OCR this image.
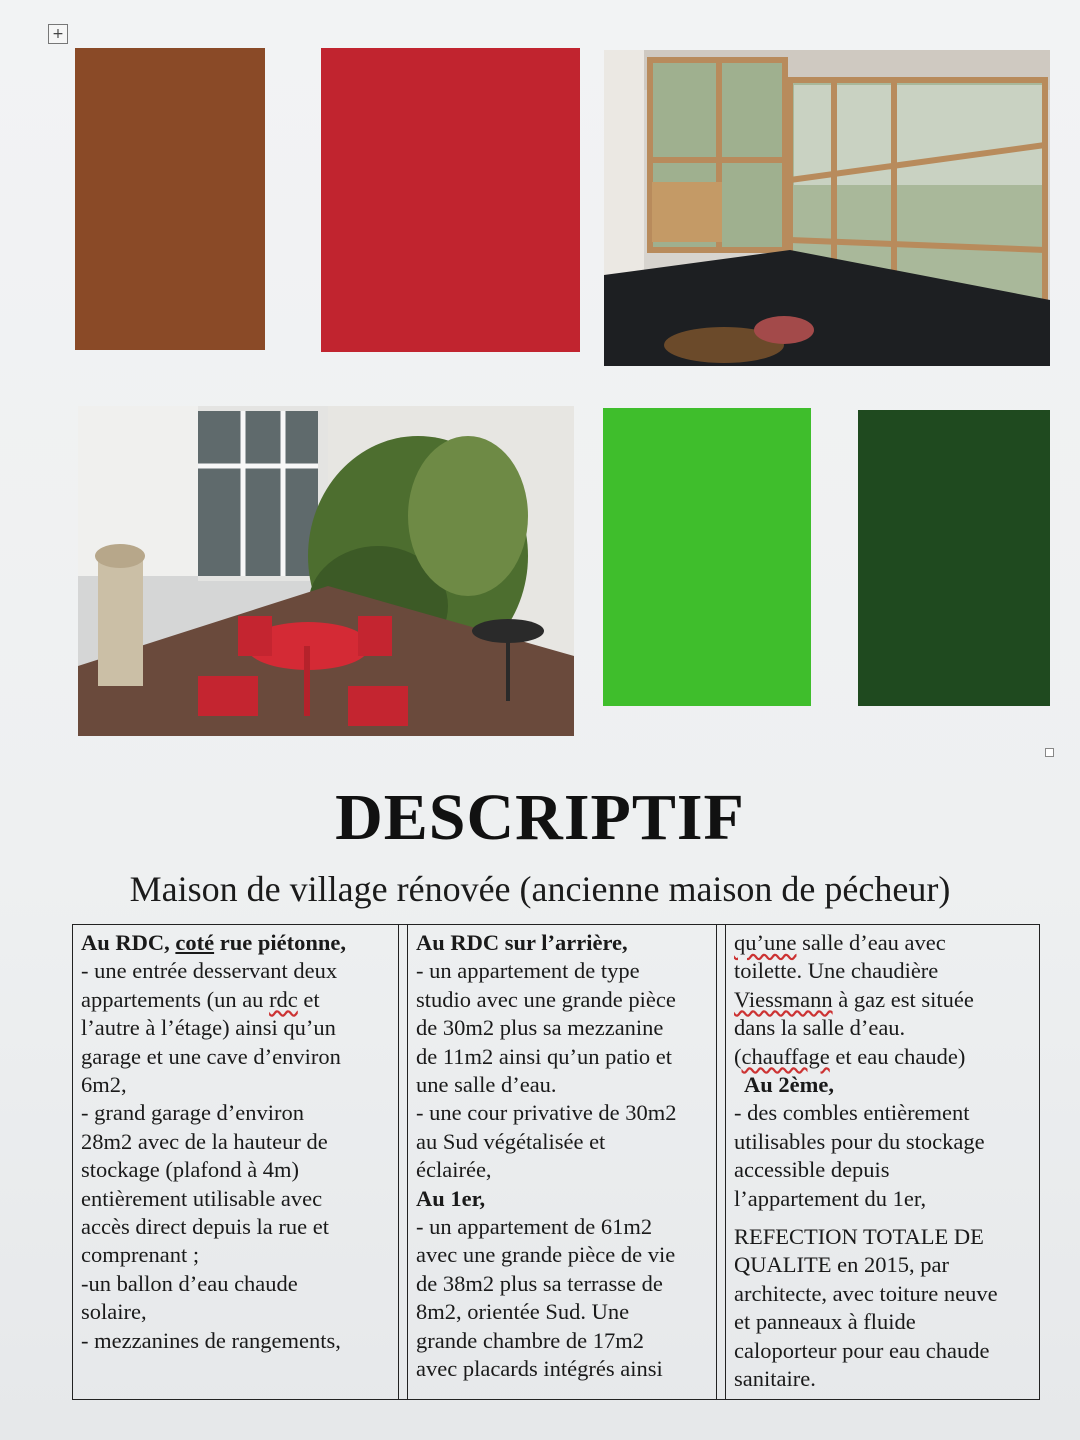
+
DESCRIPTIF
Maison de village rénovée (ancienne maison de pécheur)

Au RDC, coté rue piétonne,

- une entrée desservant deux

appartements (un au rdc et

l’autre à l’étage) ainsi qu’un

garage et une cave d’environ

6m2,

- grand garage d’environ

28m2 avec de la hauteur de

stockage (plafond à 4m)

entièrement utilisable avec

accès direct depuis la rue et

comprenant ;

-un ballon d’eau chaude

solaire,

- mezzanines de rangements,

Au RDC sur l’arrière,

- un appartement de type

studio avec une grande pièce

de 30m2 plus sa mezzanine

de 11m2 ainsi qu’un patio et

une salle d’eau.

- une cour privative de 30m2

au Sud végétalisée et

éclairée,

Au 1er,

- un appartement de 61m2

avec une grande pièce de vie

de 38m2 plus sa terrasse de

8m2, orientée Sud. Une

grande chambre de 17m2

avec placards intégrés ainsi

qu’une salle d’eau avec

toilette. Une chaudière

Viessmann à gaz est située

dans la salle d’eau.

(chauffage et eau chaude)

Au 2ème,

- des combles entièrement

utilisables pour du stockage

accessible depuis

l’appartement du 1er,

REFECTION TOTALE DE

QUALITE en 2015, par

architecte, avec toiture neuve

et panneaux à fluide

caloporteur pour eau chaude

sanitaire.
